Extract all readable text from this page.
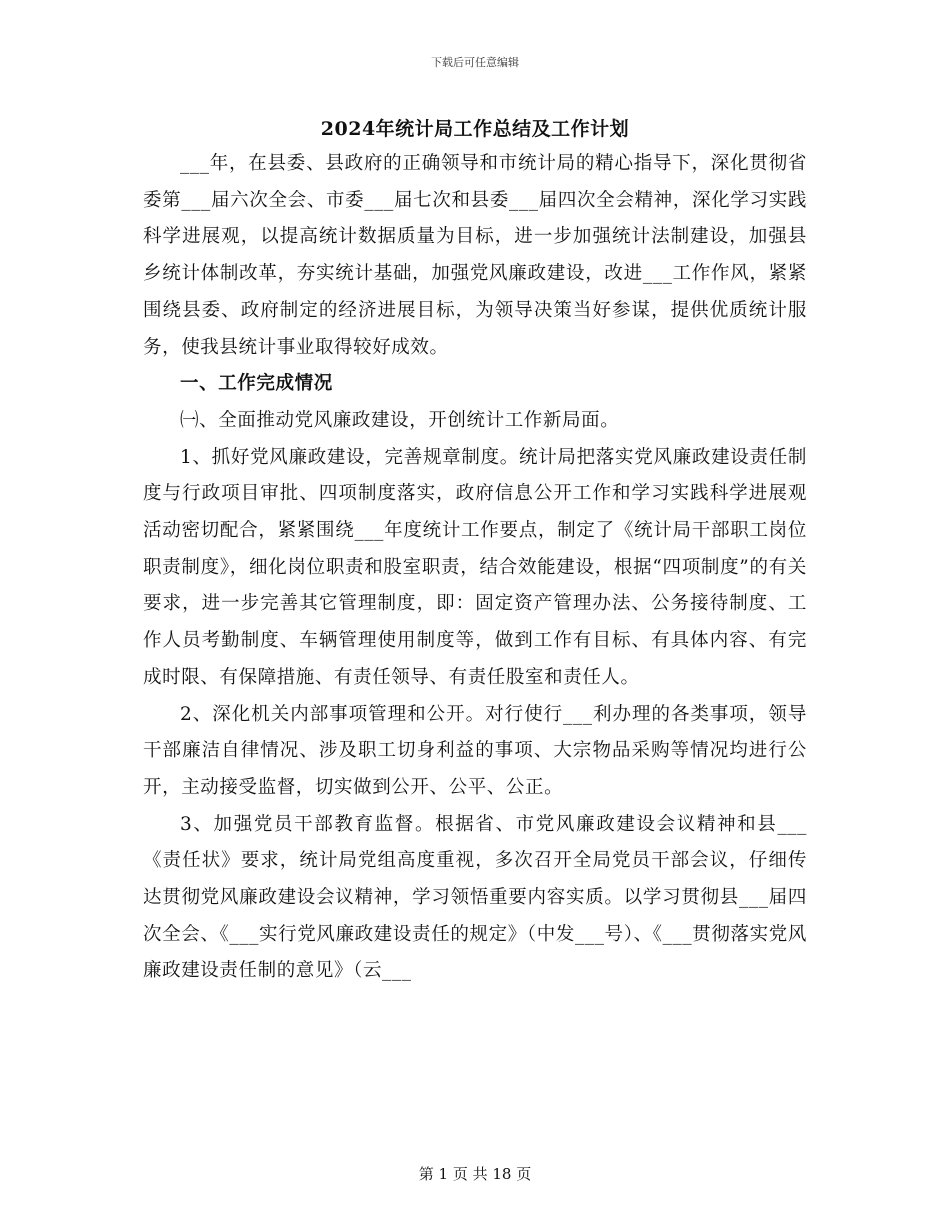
下载后可任意编辑
2024年统计局工作总结及工作计划

___年，在县委、县政府的正确领导和市统计局的精心指导下，深化贯彻省委第___届六次全会、市委___届七次和县委___届四次全会精神，深化学习实践科学进展观，以提高统计数据质量为目标，进一步加强统计法制建设，加强县乡统计体制改革，夯实统计基础，加强党风廉政建设，改进___工作作风，紧紧围绕县委、政府制定的经济进展目标，为领导决策当好参谋，提供优质统计服务，使我县统计事业取得较好成效。

一、工作完成情况

㈠、全面推动党风廉政建设，开创统计工作新局面。

1、抓好党风廉政建设，完善规章制度。统计局把落实党风廉政建设责任制度与行政项目审批、四项制度落实，政府信息公开工作和学习实践科学进展观活动密切配合，紧紧围绕___年度统计工作要点，制定了《统计局干部职工岗位职责制度》，细化岗位职责和股室职责，结合效能建设，根据“四项制度”的有关要求，进一步完善其它管理制度，即：固定资产管理办法、公务接待制度、工作人员考勤制度、车辆管理使用制度等，做到工作有目标、有具体内容、有完成时限、有保障措施、有责任领导、有责任股室和责任人。

2、深化机关内部事项管理和公开。对行使行___利办理的各类事项，领导干部廉洁自律情况、涉及职工切身利益的事项、大宗物品采购等情况均进行公开，主动接受监督，切实做到公开、公平、公正。

3、加强党员干部教育监督。根据省、市党风廉政建设会议精神和县___《责任状》要求，统计局党组高度重视，多次召开全局党员干部会议，仔细传达贯彻党风廉政建设会议精神，学习领悟重要内容实质。以学习贯彻县___届四次全会、《___实行党风廉政建设责任的规定》（中发___号）、《___贯彻落实党风廉政建设责任制的意见》（云___

第 1 页 共 18 页
